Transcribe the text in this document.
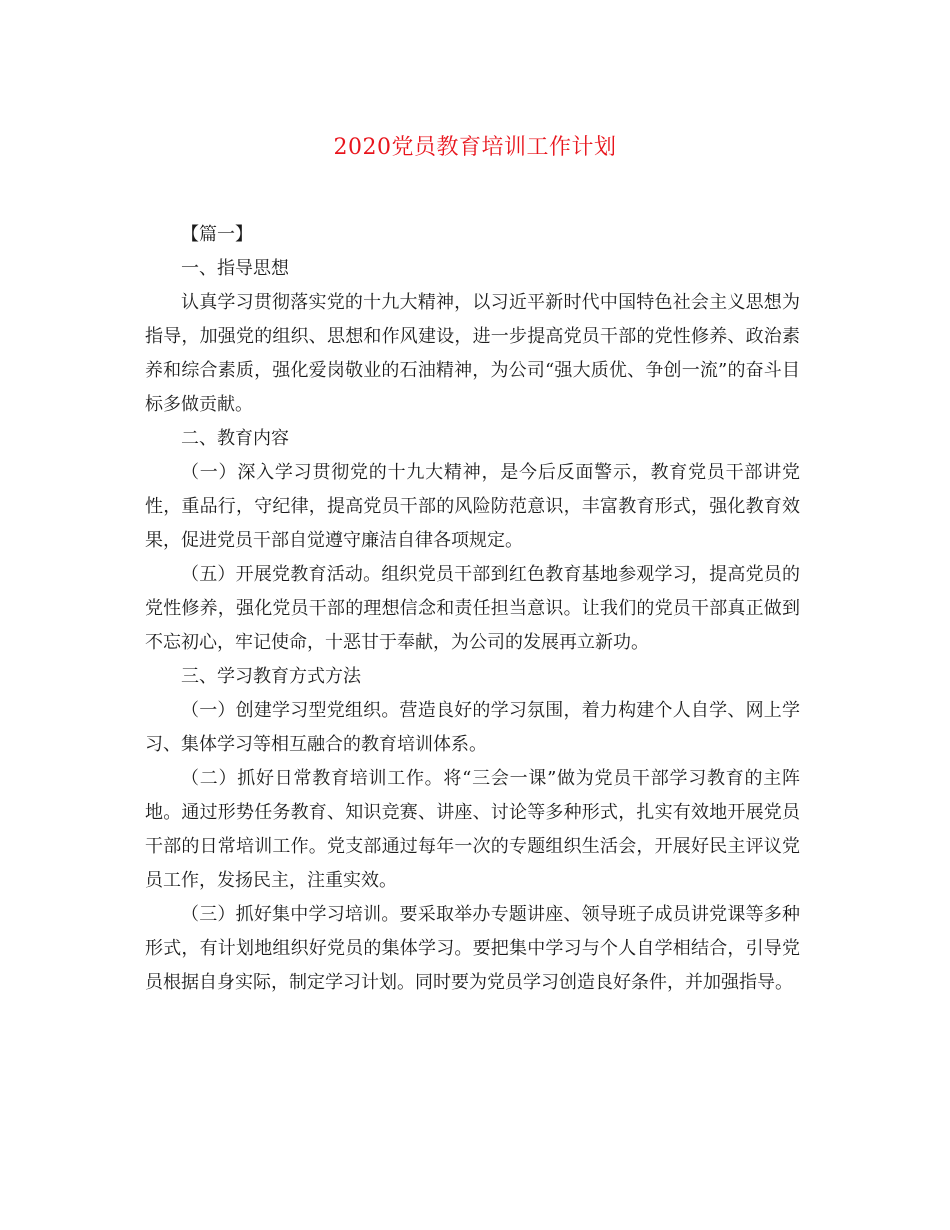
2020党员教育培训工作计划

【篇一】

一、指导思想

认真学习贯彻落实党的十九大精神，以习近平新时代中国特色社会主义思想为指导，加强党的组织、思想和作风建设，进一步提高党员干部的党性修养、政治素养和综合素质，强化爱岗敬业的石油精神，为公司“强大质优、争创一流”的奋斗目标多做贡献。

二、教育内容

（一）深入学习贯彻党的十九大精神，是今后反面警示，教育党员干部讲党性，重品行，守纪律，提高党员干部的风险防范意识，丰富教育形式，强化教育效果，促进党员干部自觉遵守廉洁自律各项规定。

（五）开展党教育活动。组织党员干部到红色教育基地参观学习，提高党员的党性修养，强化党员干部的理想信念和责任担当意识。让我们的党员干部真正做到不忘初心，牢记使命，十恶甘于奉献，为公司的发展再立新功。

三、学习教育方式方法

（一）创建学习型党组织。营造良好的学习氛围，着力构建个人自学、网上学习、集体学习等相互融合的教育培训体系。

（二）抓好日常教育培训工作。将“三会一课”做为党员干部学习教育的主阵地。通过形势任务教育、知识竞赛、讲座、讨论等多种形式，扎实有效地开展党员干部的日常培训工作。党支部通过每年一次的专题组织生活会，开展好民主评议党员工作，发扬民主，注重实效。

（三）抓好集中学习培训。要采取举办专题讲座、领导班子成员讲党课等多种形式，有计划地组织好党员的集体学习。要把集中学习与个人自学相结合，引导党员根据自身实际，制定学习计划。同时要为党员学习创造良好条件，并加强指导。
